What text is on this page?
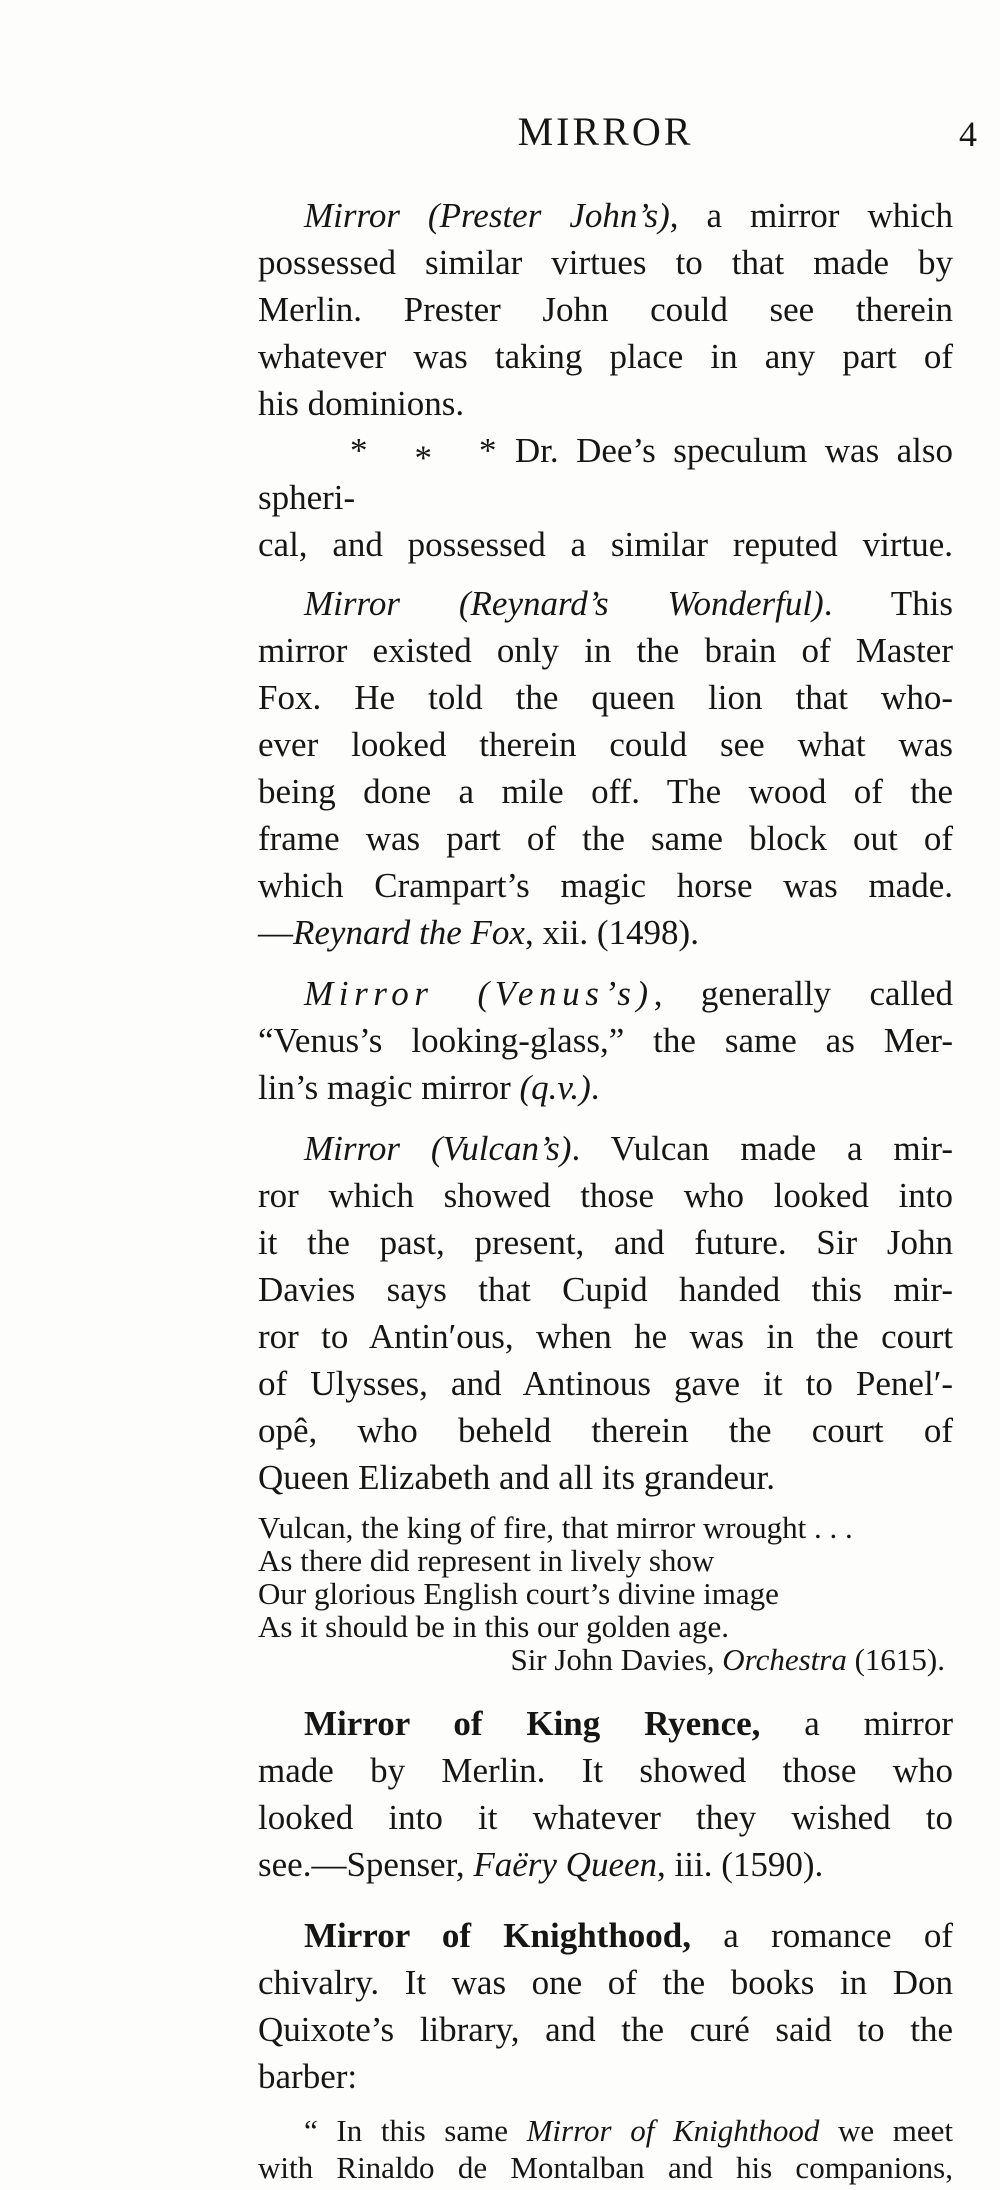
MIRROR	4
Mirror (Prester John’s), a mirror which
possessed similar virtues to that made by
Merlin. Prester John could see therein
whatever was taking place in any part of
his dominions.
* * * Dr. Dee’s speculum was also spheri-
cal, and possessed a similar reputed virtue.
Mirror (Reynard’s Wonderful). This
mirror existed only in the brain of Master
Fox. He told the queen lion that who-
ever looked therein could see what was
being done a mile off. The wood of the
frame was part of the same block out of
which Crampart’s magic horse was made.
—Reynard the Fox, xii. (1498).
Mirror (Venus’s), generally called
“Venus’s looking-glass,” the same as Mer-
lin’s magic mirror (q.v.).
Mirror (Vulcan’s). Vulcan made a mir-
ror which showed those who looked into
it the past, present, and future. Sir John
Davies says that Cupid handed this mir-
ror to Antin′ous, when he was in the court
of Ulysses, and Antinous gave it to Penel′-
opê, who beheld therein the court of
Queen Elizabeth and all its grandeur.
Vulcan, the king of fire, that mirror wrought . . .
As there did represent in lively show
Our glorious English court’s divine image
As it should be in this our golden age.
Sir John Davies, Orchestra (1615).
Mirror of King Ryence, a mirror
made by Merlin. It showed those who
looked into it whatever they wished to
see.—Spenser, Faëry Queen, iii. (1590).
Mirror of Knighthood, a romance of
chivalry. It was one of the books in Don
Quixote’s library, and the curé said to the
barber:
“ In this same Mirror of Knighthood we meet
with Rinaldo de Montalban and his companions,
